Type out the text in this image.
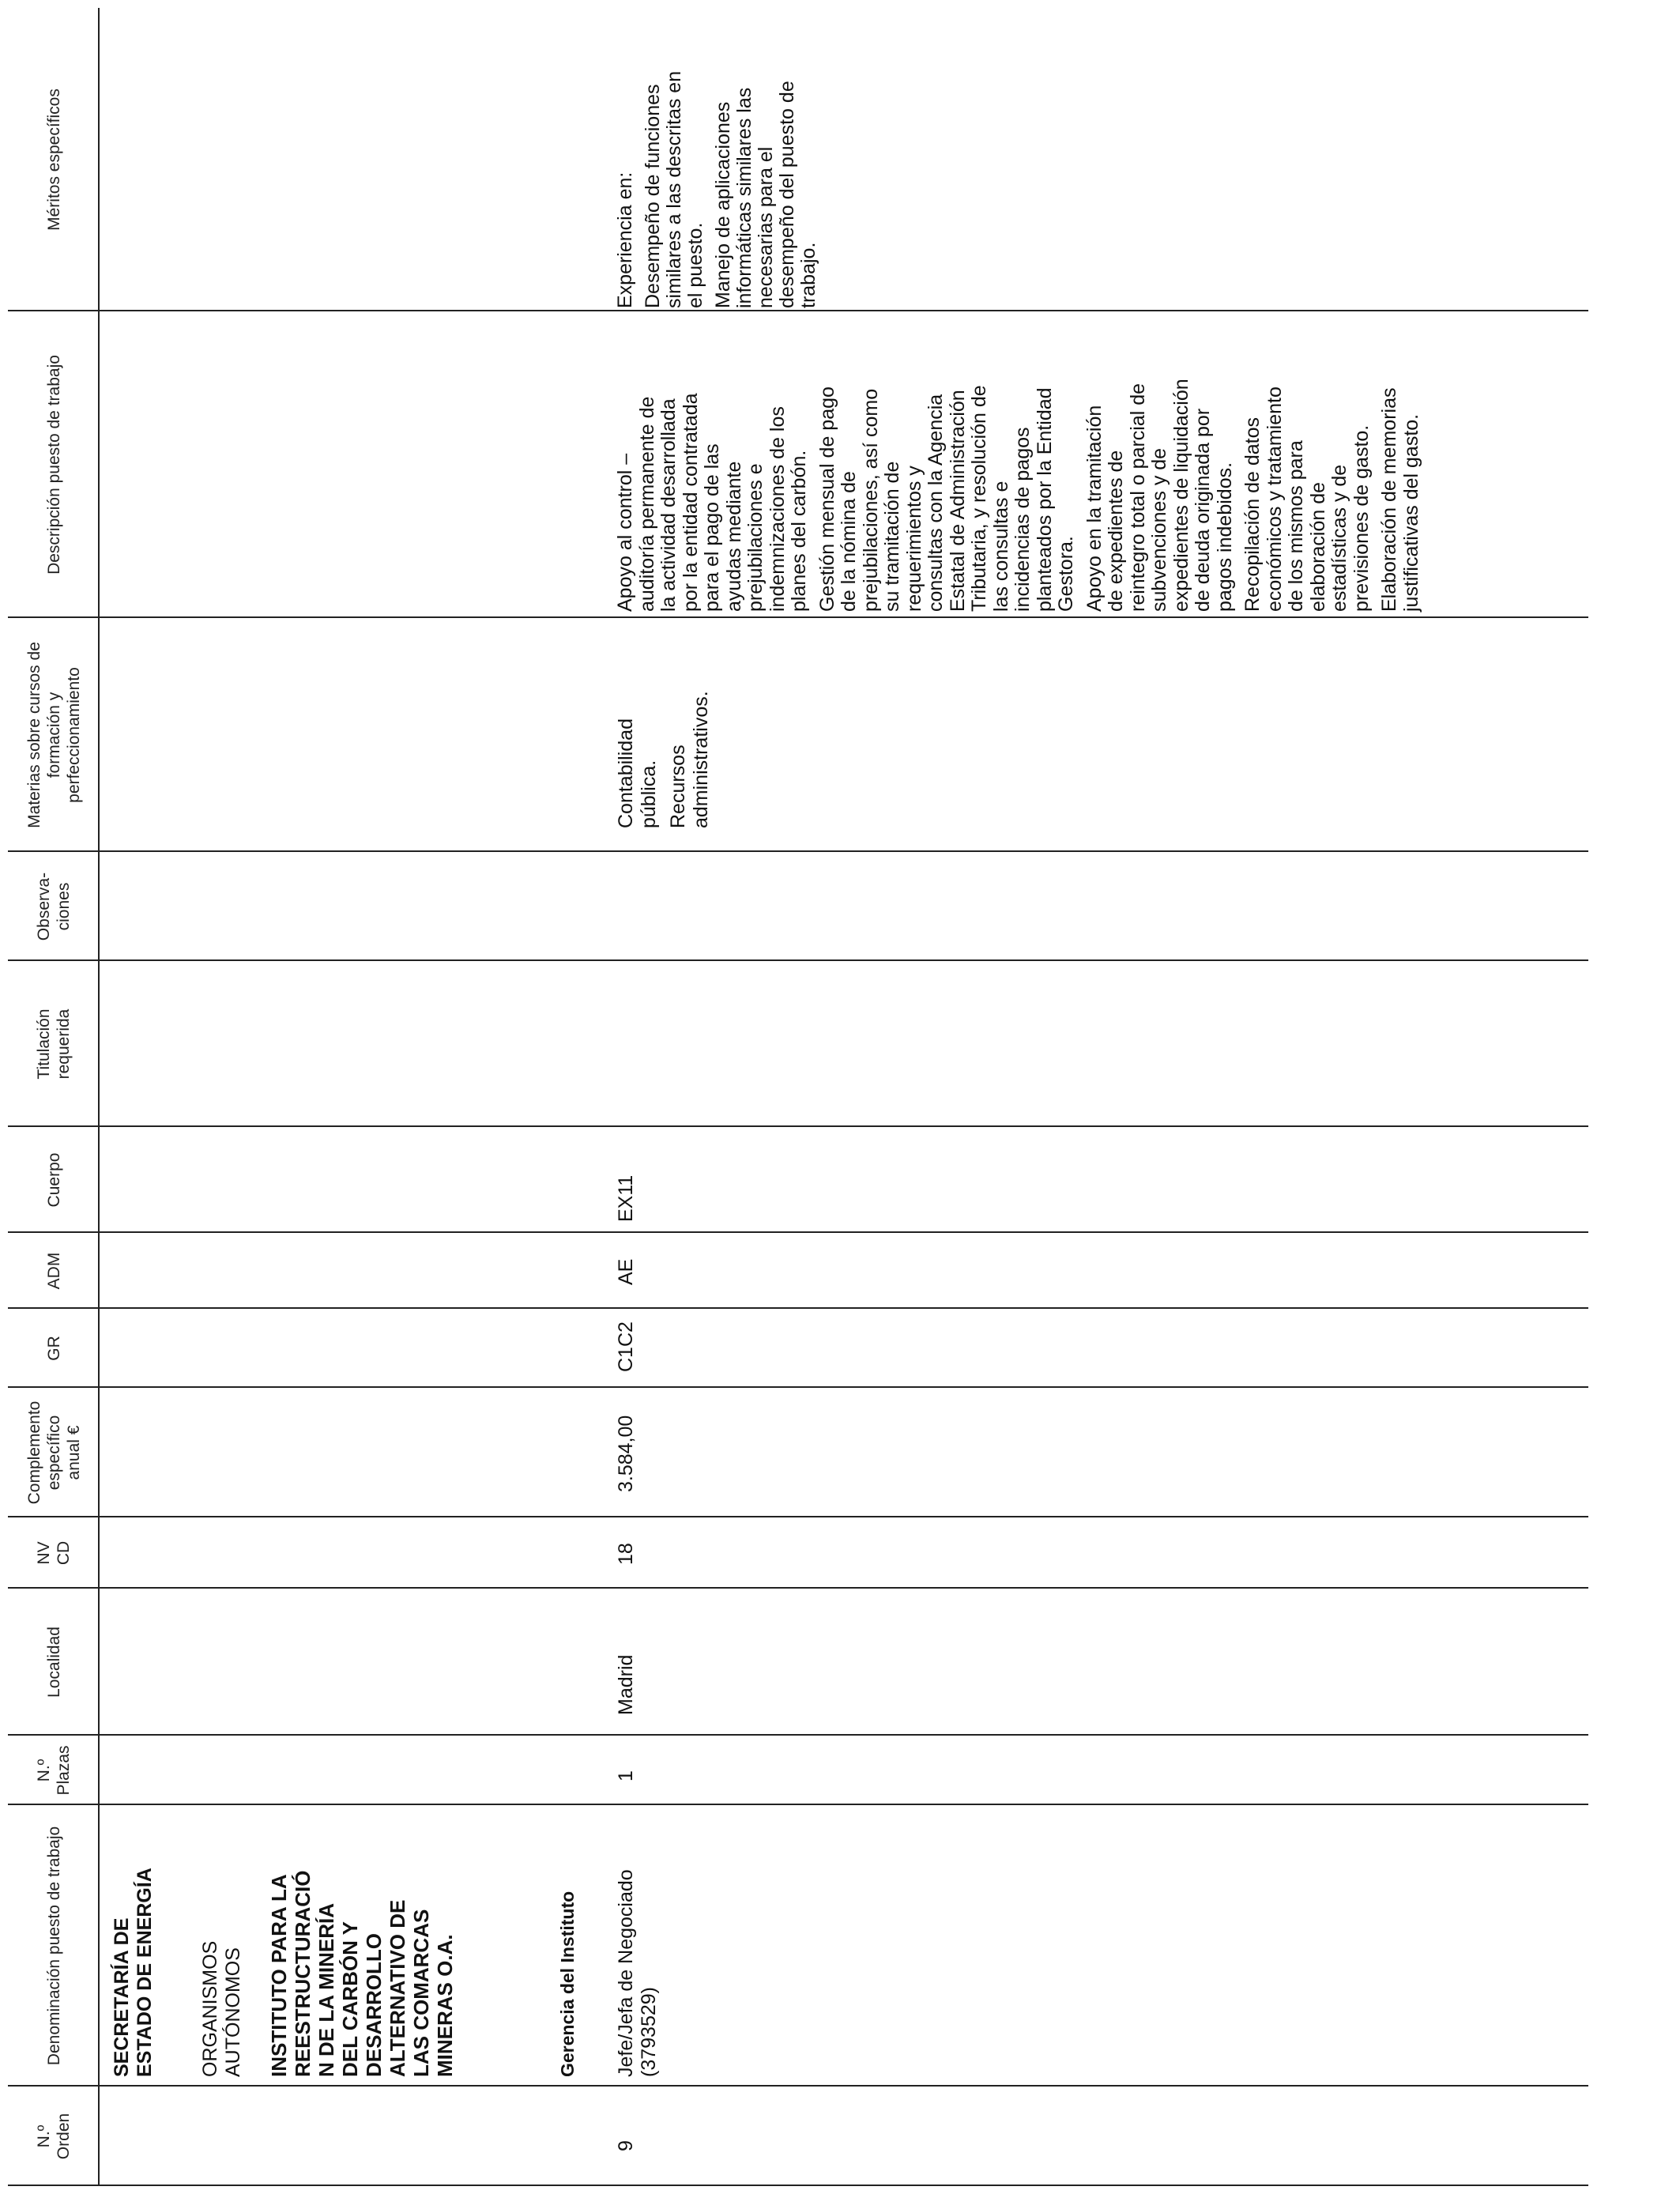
N.º
Orden
Denominación puesto de trabajo
N.º
Plazas
Localidad
NV
CD
Complemento
específico
anual €
GR
ADM
Cuerpo
Titulación
requerida
Observa-
ciones
Materias sobre cursos de
formación y
perfeccionamiento
Descripción puesto de trabajo
Méritos específicos
SECRETARÍA DE
ESTADO DE ENERGÍA
ORGANISMOS
AUTÓNOMOS INSTITUTO PARA LA
REESTRUCTURACIÓ
N DE LA MINERÍA
DEL CARBÓN Y
DESARROLLO
ALTERNATIVO DE
LAS COMARCAS
MINERAS O.A.	Gerencia del Instituto
9
Jefe/Jefa de Negociado
(3793529)
1
Madrid
18
3.584,00
C1C2
AE
EX11

Contabilidad
pública. Recursos
administrativos.

Apoyo al control –
auditoría permanente de
la actividad desarrollada
por la entidad contratada
para el pago de las
ayudas mediante
prejubilaciones e
indemnizaciones de los
planes del carbón.

Gestión mensual de pago
de la nómina de
prejubilaciones, así como
su tramitación de
requerimientos y
consultas con la Agencia
Estatal de Administración
Tributaria, y resolución de
las consultas e
incidencias de pagos
planteados por la Entidad
Gestora. Apoyo en la tramitación
de expedientes de
reintegro total o parcial de
subvenciones y de
expedientes de liquidación
de deuda originada por
pagos indebidos. Recopilación de datos
económicos y tratamiento
de los mismos para
elaboración de
estadísticas y de
previsiones de gasto.

Elaboración de memorias
justificativas del gasto.

Experiencia en: Desempeño de funciones
similares a las descritas en
el puesto. Manejo de aplicaciones
informáticas similares las
necesarias para el
desempeño del puesto de
trabajo.
